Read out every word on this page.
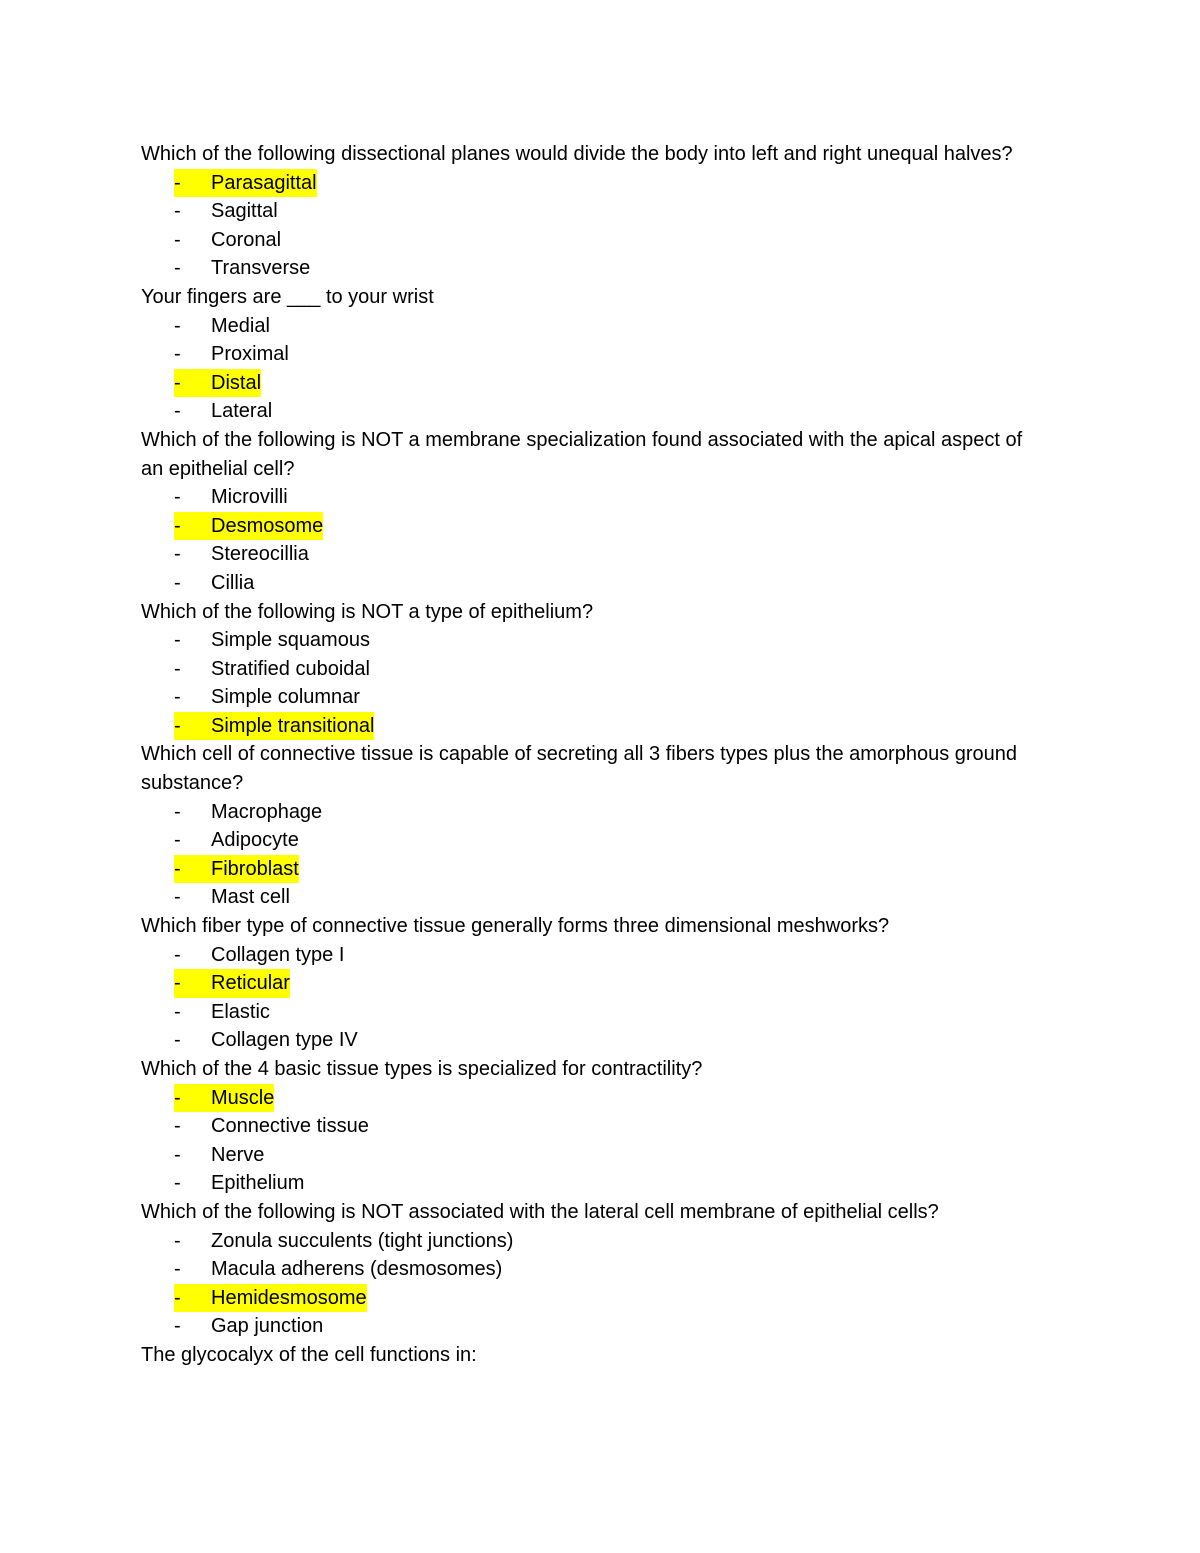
Which of the following dissectional planes would divide the body into left and right unequal halves?

- Parasagittal
- Sagittal
- Coronal
- Transverse

Your fingers are ___ to your wrist

- Medial
- Proximal
- Distal
- Lateral

Which of the following is NOT a membrane specialization found associated with the apical aspect of an epithelial cell?

- Microvilli
- Desmosome
- Stereocillia
- Cillia

Which of the following is NOT a type of epithelium?

- Simple squamous
- Stratified cuboidal
- Simple columnar
- Simple transitional

Which cell of connective tissue is capable of secreting all 3 fibers types plus the amorphous ground substance?

- Macrophage
- Adipocyte
- Fibroblast
- Mast cell

Which fiber type of connective tissue generally forms three dimensional meshworks?

- Collagen type I
- Reticular
- Elastic
- Collagen type IV

Which of the 4 basic tissue types is specialized for contractility?

- Muscle
- Connective tissue
- Nerve
- Epithelium

Which of the following is NOT associated with the lateral cell membrane of epithelial cells?

- Zonula succulents (tight junctions)
- Macula adherens (desmosomes)
- Hemidesmosome
- Gap junction

The glycocalyx of the cell functions in:
